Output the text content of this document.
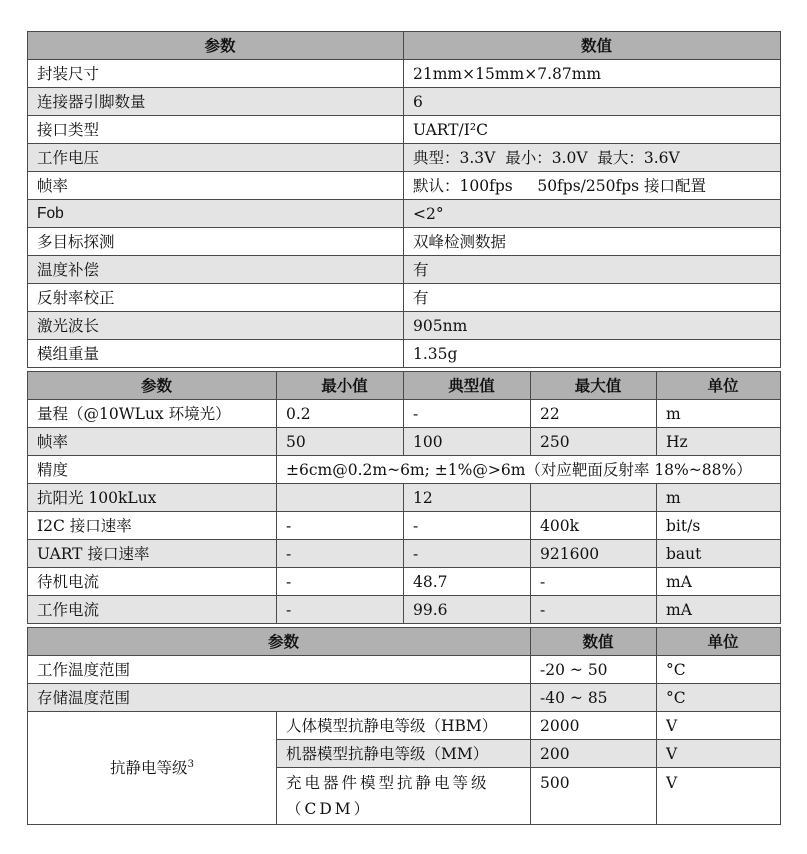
参数	数值
封装尺寸	21mm×15mm×7.87mm
连接器引脚数量	6
接口类型	UART/I²C
工作电压	典型：3.3V  最小：3.0V  最大：3.6V
帧率	默认：100fps     50fps/250fps 接口配置
Fob	<2°
多目标探测	双峰检测数据
温度补偿	有
反射率校正	有
激光波长	905nm
模组重量	1.35g
参数	最小值	典型值	最大值	单位
量程（@10WLux 环境光）	0.2	-	22	m
帧率	50	100	250	Hz
精度	±6cm@0.2m~6m; ±1%@>6m（对应靶面反射率 18%~88%）			
抗阳光 100kLux		12		m
I2C 接口速率	-	-	400k	bit/s
UART 接口速率	-	-	921600	baut
待机电流	-	48.7	-	mA
工作电流	-	99.6	-	mA
参数		数值	单位
工作温度范围		-20 ~ 50	°C
存储温度范围		-40 ~ 85	°C
抗静电等级$^3$	人体模型抗静电等级（HBM）	2000	V
	机器模型抗静电等级（MM）	200	V
	充电器件模型抗静电等级（CDM）	500	V
